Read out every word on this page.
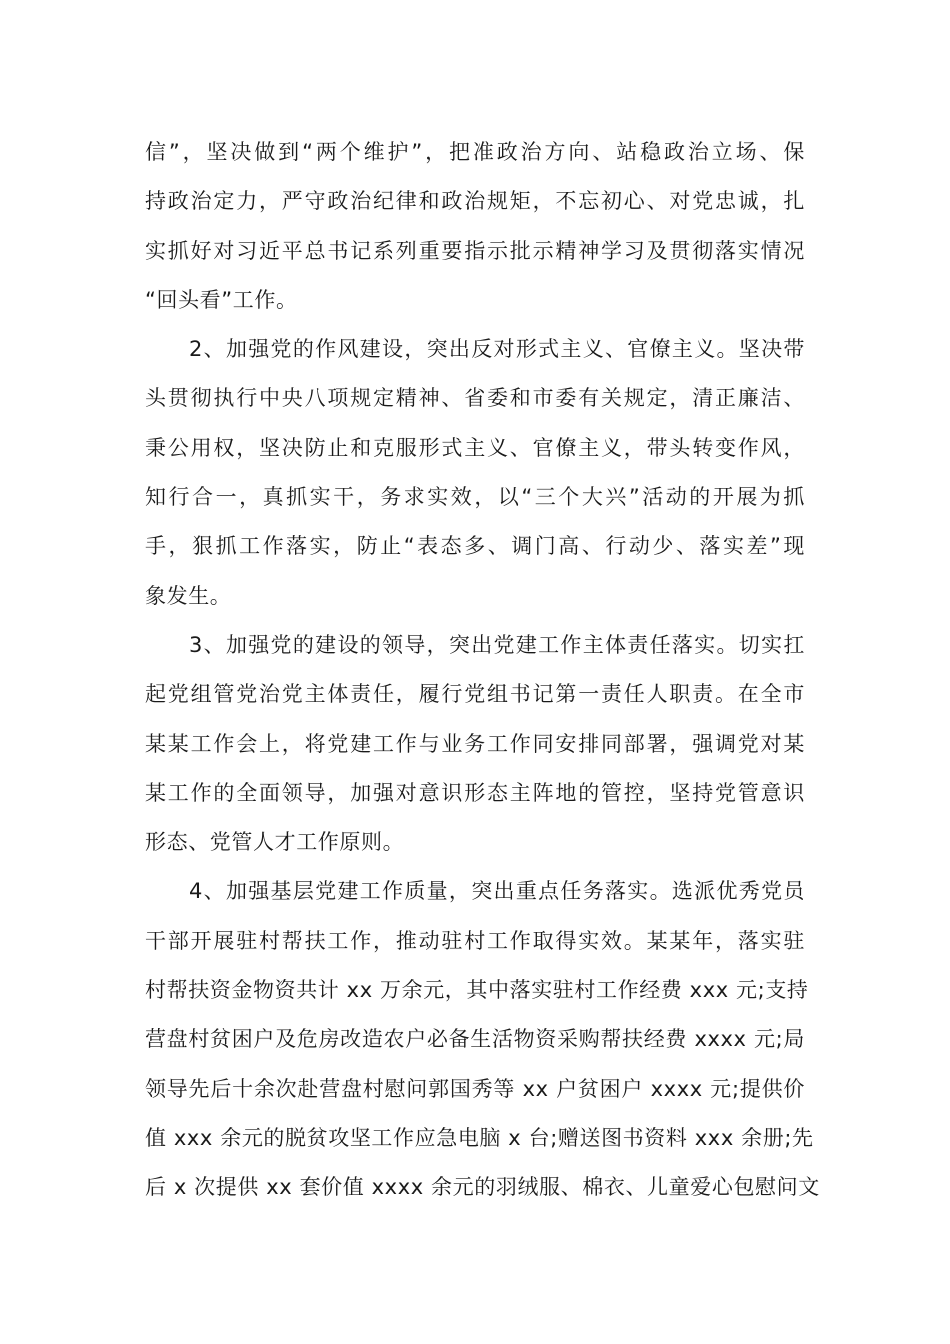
信”，坚决做到“两个维护”，把准政治方向、站稳政治立场、保
持政治定力，严守政治纪律和政治规矩，不忘初心、对党忠诚，扎
实抓好对习近平总书记系列重要指示批示精神学习及贯彻落实情况
“回头看”工作。
2、加强党的作风建设，突出反对形式主义、官僚主义。坚决带
头贯彻执行中央八项规定精神、省委和市委有关规定，清正廉洁、
秉公用权，坚决防止和克服形式主义、官僚主义，带头转变作风，
知行合一，真抓实干，务求实效，以“三个大兴”活动的开展为抓
手，狠抓工作落实，防止“表态多、调门高、行动少、落实差”现
象发生。
3、加强党的建设的领导，突出党建工作主体责任落实。切实扛
起党组管党治党主体责任，履行党组书记第一责任人职责。在全市
某某工作会上，将党建工作与业务工作同安排同部署，强调党对某
某工作的全面领导，加强对意识形态主阵地的管控，坚持党管意识
形态、党管人才工作原则。
4、加强基层党建工作质量，突出重点任务落实。选派优秀党员
干部开展驻村帮扶工作，推动驻村工作取得实效。某某年，落实驻
村帮扶资金物资共计 xx 万余元，其中落实驻村工作经费 xxx 元;支持
营盘村贫困户及危房改造农户必备生活物资采购帮扶经费 xxxx 元;局
领导先后十余次赴营盘村慰问郭国秀等 xx 户贫困户 xxxx 元;提供价
值 xxx 余元的脱贫攻坚工作应急电脑 x 台;赠送图书资料 xxx 余册;先
后 x 次提供 xx 套价值 xxxx 余元的羽绒服、棉衣、儿童爱心包慰问文
